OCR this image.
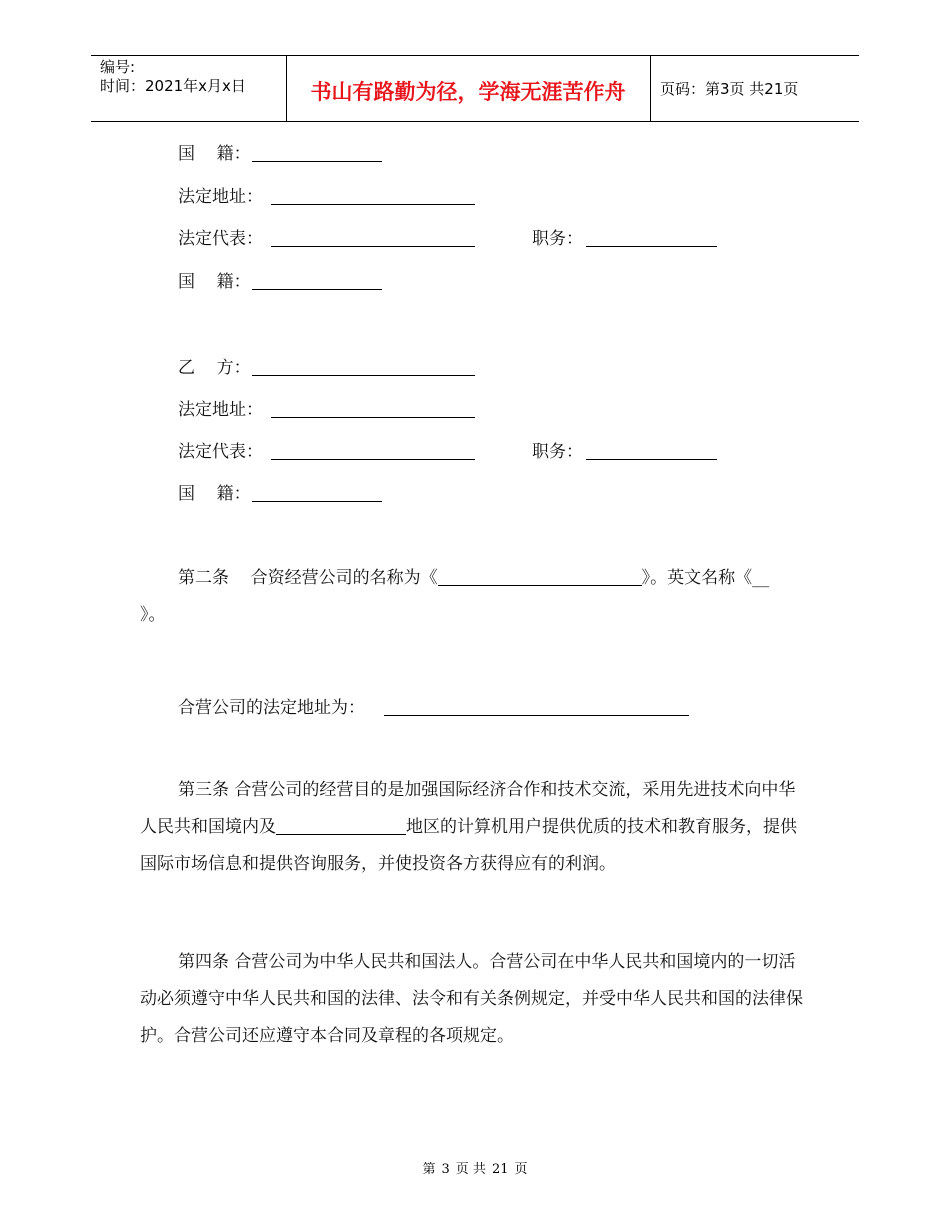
编号:
时间：2021年x月x日	书山有路勤为径，学海无涯苦作舟	页码：第3页 共21页
国    籍：
法定地址：
法定代表：	职务：
国    籍：
乙    方：
法定地址：
法定代表：	职务：
国    籍：
第二条    合资经营公司的名称为《	》。英文名称《__
》。
合营公司的法定地址为：
第三条 合营公司的经营目的是加强国际经济合作和技术交流，采用先进技术向中华人民共和国境内及	地区的计算机用户提供优质的技术和教育服务，提供国际市场信息和提供咨询服务，并使投资各方获得应有的利润。
第四条 合营公司为中华人民共和国法人。合营公司在中华人民共和国境内的一切活动必须遵守中华人民共和国的法律、法令和有关条例规定，并受中华人民共和国的法律保护。合营公司还应遵守本合同及章程的各项规定。
第 3 页 共 21 页
